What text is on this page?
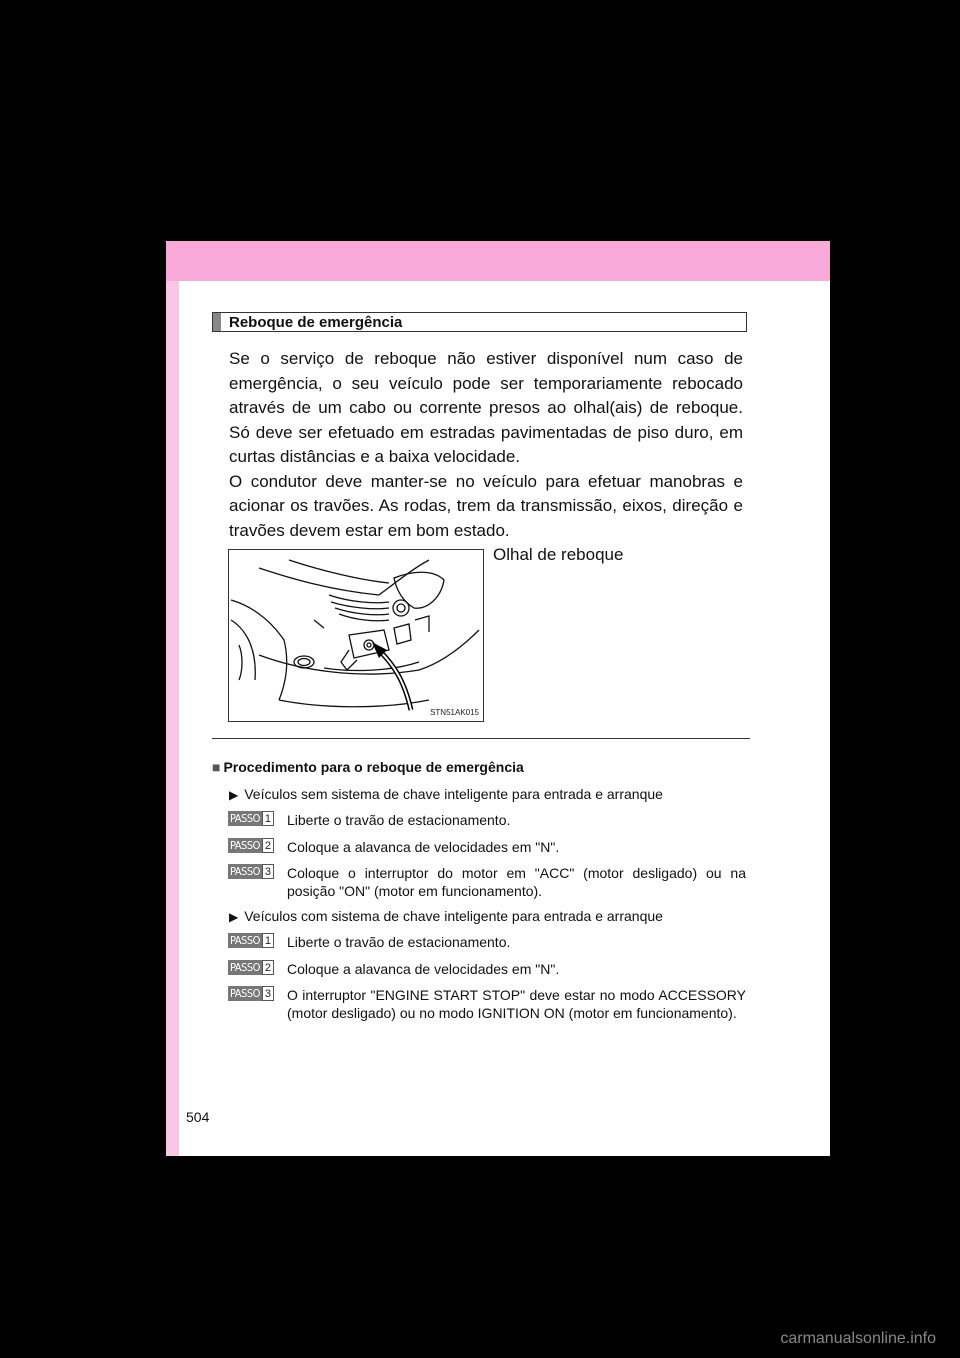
Reboque de emergência

Se o serviço de reboque não estiver disponível num caso de emergência, o seu veículo pode ser temporariamente rebocado através de um cabo ou corrente presos ao olhal(ais) de reboque. Só deve ser efetuado em estradas pavimentadas de piso duro, em curtas distâncias e a baixa velocidade.

O condutor deve manter-se no veículo para efetuar manobras e acionar os travões. As rodas, trem da transmissão, eixos, direção e travões devem estar em bom estado.

STN51AK015
Olhal de reboque
■ Procedimento para o reboque de emergência
▶ Veículos sem sistema de chave inteligente para entrada e arranque
PASSO 1 Liberte o travão de estacionamento.
PASSO 2 Coloque a alavanca de velocidades em "N".
PASSO 3 Coloque o interruptor do motor em "ACC" (motor desligado) ou na posição "ON" (motor em funcionamento).
▶ Veículos com sistema de chave inteligente para entrada e arranque
PASSO 1 Liberte o travão de estacionamento.
PASSO 2 Coloque a alavanca de velocidades em "N".
PASSO 3 O interruptor "ENGINE START STOP" deve estar no modo ACCESSORY (motor desligado) ou no modo IGNITION ON (motor em funcionamento).
504
carmanualsonline.info
